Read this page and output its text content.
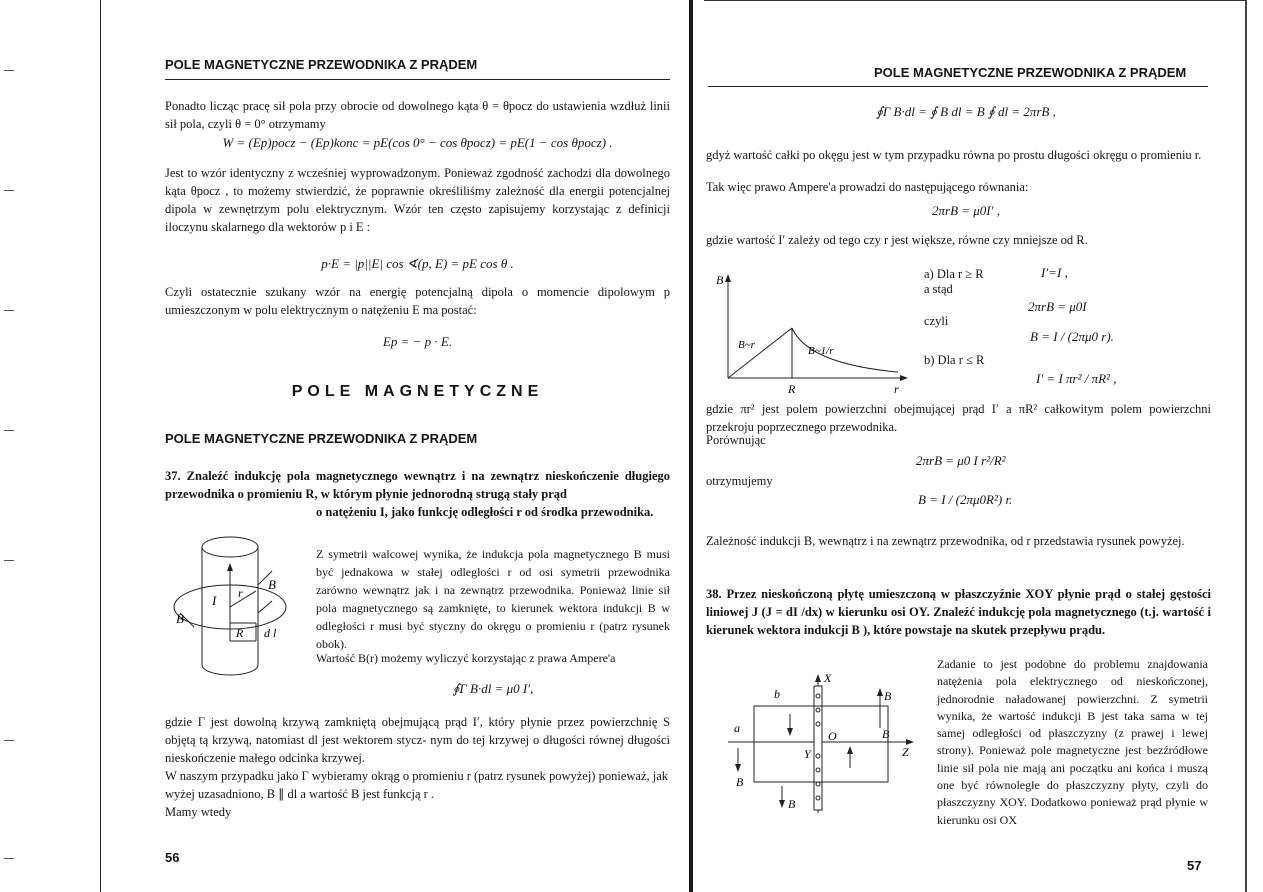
POLE MAGNETYCZNE PRZEWODNIKA Z PRĄDEM
Ponadto licząc pracę sił pola przy obrocie od dowolnego kąta θ = θpocz do ustawienia wzdłuż linii sił pola, czyli θ = 0° otrzymamy
W = (Ep)pocz − (Ep)konc = pE(cos 0° − cos θpocz) = pE(1 − cos θpocz) .
Jest to wzór identyczny z wcześniej wyprowadzonym. Ponieważ zgodność zachodzi dla dowolnego kąta θpocz , to możemy stwierdzić, że poprawnie określiliśmy zależność dla energii potencjalnej dipola w zewnętrzym polu elektrycznym. Wzór ten często zapisujemy korzystając z definicji iloczynu skalarnego dla wektorów p i E :
p·E = |p||E| cos ∢(p, E) = pE cos θ .
Czyli ostatecznie szukany wzór na energię potencjalną dipola o momencie dipolowym p umieszczonym w polu elektrycznym o natężeniu E ma postać:
Ep = − p · E.
POLE MAGNETYCZNE
POLE MAGNETYCZNE PRZEWODNIKA Z PRĄDEM
37. Znaleźć indukcję pola magnetycznego wewnątrz i na zewnątrz nieskończenie długiego przewodnika o promieniu R, w którym płynie jednorodną strugą stały prąd
o natężeniu I, jako funkcję odległości r od środka przewodnika.
I r
B
B
R d l
Z symetrii walcowej wynika, że indukcja pola magnetycznego B musi być jednakowa w stałej odległości r od osi symetrii przewodnika zarówno wewnątrz jak i na zewnątrz przewodnika. Ponieważ linie sił pola magnetycznego są zamknięte, to kierunek wektora indukcji B w odległości r musi być styczny do okręgu o promieniu r (patrz rysunek obok).
Wartość B(r) możemy wyliczyć korzystając z prawa Ampere'a
∮Γ B·dl = μ0 I′,
gdzie Γ jest dowolną krzywą zamkniętą obejmującą prąd I′, który płynie przez powierzchnię S objętą tą krzywą, natomiast dl jest wektorem stycz- nym do tej krzywej o długości równej długości nieskończenie małego odcinka krzywej.
W naszym przypadku jako Γ wybieramy okrąg o promieniu r (patrz rysunek powyżej) ponieważ, jak wyżej uzasadniono, B ∥ dl a wartość B jest funkcją r .
Mamy wtedy
56
POLE MAGNETYCZNE PRZEWODNIKA Z PRĄDEM
∮Γ B·dl = ∮ B dl = B ∮ dl = 2πrB ,
gdyż wartość całki po okęgu jest w tym przypadku równa po prostu długości okręgu o promieniu r.
Tak więc prawo Ampere'a prowadzi do następującego równania:
2πrB = μ0I′ ,
gdzie wartość I′ zależy od tego czy r jest większe, równe czy mniejsze od R.
B
B~r	B~1/r
R	r
a) Dla r ≥ R	I′=I ,
a stąd
2πrB = μ0I
czyli
B = I / (2πμ0 r).
b) Dla r ≤ R
I′ = I πr² / πR² ,
gdzie πr² jest polem powierzchni obejmującej prąd I′ a πR² całkowitym polem powierzchni przekroju poprzecznego przewodnika.
Porównując
2πrB = μ0 I r²/R²
otrzymujemy
B = I / (2πμ0R²) r.
Zależność indukcji B, wewnątrz i na zewnątrz przewodnika, od r przedstawia rysunek powyżej.
38. Przez nieskończoną płytę umieszczoną w płaszczyźnie XOY płynie prąd o stałej gęstości liniowej J (J = dI /dx) w kierunku osi OY. Znaleźć indukcję pola magnetycznego (t.j. wartość i kierunek wektora indukcji B ), które powstaje na skutek przepływu prądu.
X
Y	Z
O
a
b	B
B
B
B
Zadanie to jest podobne do problemu znajdowania natężenia pola elektrycznego od nieskończonej, jednorodnie naładowanej powierzchni. Z symetrii wynika, że wartość indukcji B jest taka sama w tej samej odległości od płaszczyzny (z prawej i lewej strony). Ponieważ pole magnetyczne jest bezźródłowe linie sił pola nie mają ani początku ani końca i muszą one być równoległe do płaszczyzny płyty, czyli do płaszczyzny XOY. Dodatkowo ponieważ prąd płynie w kierunku osi OX
57
